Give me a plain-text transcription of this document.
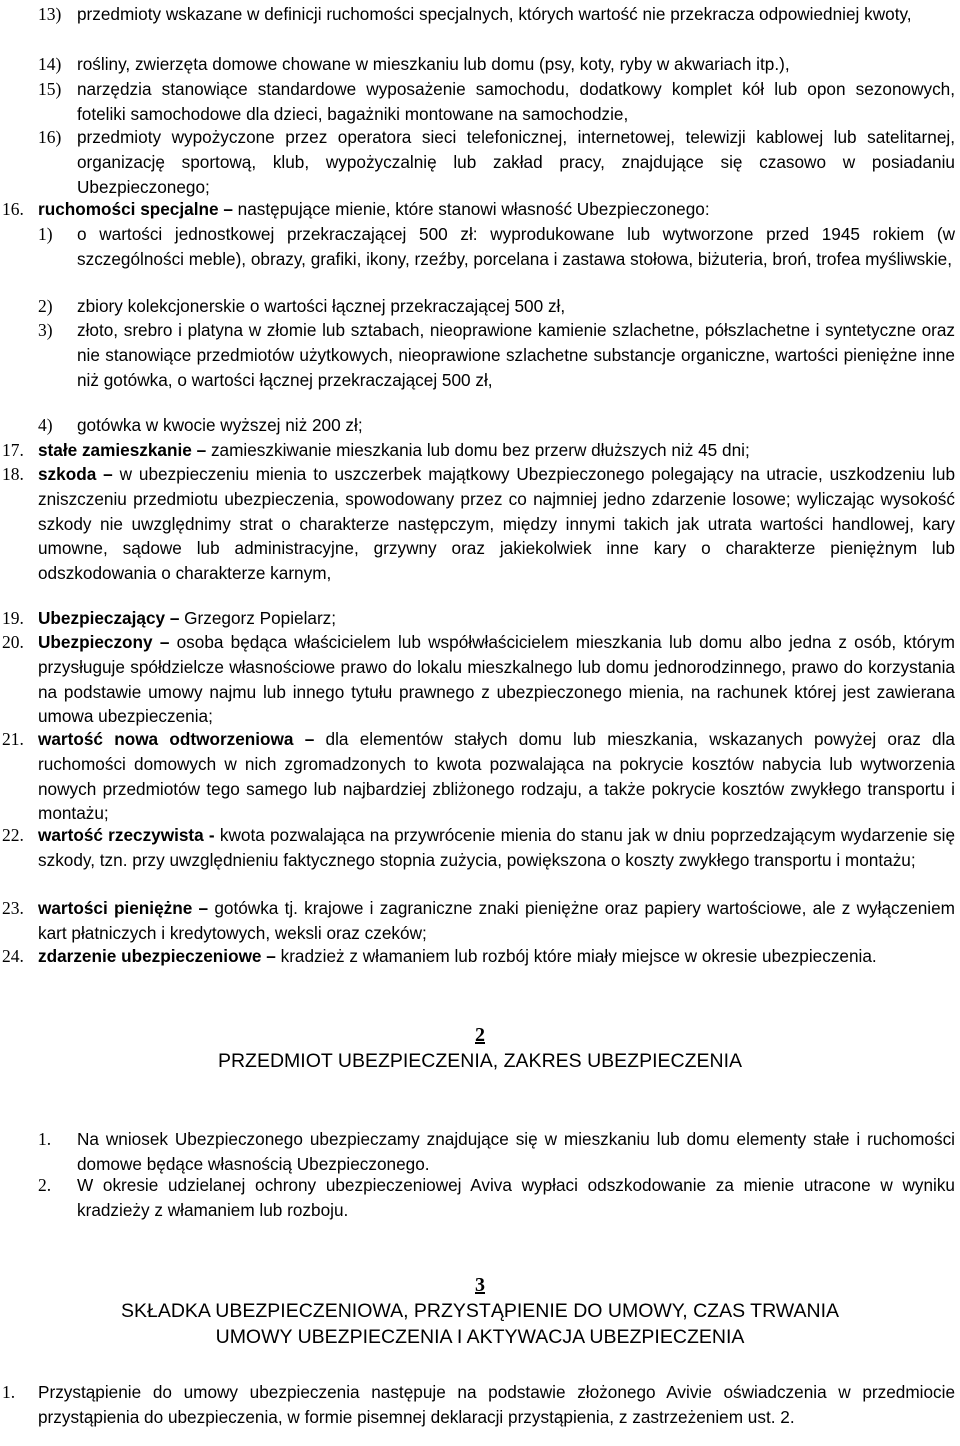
13) przedmioty wskazane w definicji ruchomości specjalnych, których wartość nie przekracza odpowiedniej kwoty,
14) rośliny, zwierzęta domowe chowane w mieszkaniu lub domu (psy, koty, ryby w akwariach itp.),
15) narzędzia stanowiące standardowe wyposażenie samochodu, dodatkowy komplet kół lub opon sezonowych, foteliki samochodowe dla dzieci, bagażniki montowane na samochodzie,
16) przedmioty wypożyczone przez operatora sieci telefonicznej, internetowej, telewizji kablowej lub satelitarnej, organizację sportową, klub, wypożyczalnię lub zakład pracy, znajdujące się czasowo w posiadaniu Ubezpieczonego;
16. ruchomości specjalne – następujące mienie, które stanowi własność Ubezpieczonego:
1) o wartości jednostkowej przekraczającej 500 zł: wyprodukowane lub wytworzone przed 1945 rokiem (w szczególności meble), obrazy, grafiki, ikony, rzeźby, porcelana i zastawa stołowa, biżuteria, broń, trofea myśliwskie,
2) zbiory kolekcjonerskie o wartości łącznej przekraczającej 500 zł,
3) złoto, srebro i platyna w złomie lub sztabach, nieoprawione kamienie szlachetne, półszlachetne i syntetyczne oraz nie stanowiące przedmiotów użytkowych, nieoprawione szlachetne substancje organiczne, wartości pieniężne inne niż gotówka, o wartości łącznej przekraczającej 500 zł,
4) gotówka w kwocie wyższej niż 200 zł;
17. stałe zamieszkanie – zamieszkiwanie mieszkania lub domu bez przerw dłuższych niż 45 dni;
18. szkoda – w ubezpieczeniu mienia to uszczerbek majątkowy Ubezpieczonego polegający na utracie, uszkodzeniu lub zniszczeniu przedmiotu ubezpieczenia, spowodowany przez co najmniej jedno zdarzenie losowe; wyliczając wysokość szkody nie uwzględnimy strat o charakterze następczym, między innymi takich jak utrata wartości handlowej, kary umowne, sądowe lub administracyjne, grzywny oraz jakiekolwiek inne kary o charakterze pieniężnym lub odszkodowania o charakterze karnym,
19. Ubezpieczający – Grzegorz Popielarz;
20. Ubezpieczony – osoba będąca właścicielem lub współwłaścicielem mieszkania lub domu albo jedna z osób, którym przysługuje spółdzielcze własnościowe prawo do lokalu mieszkalnego lub domu jednorodzinnego, prawo do korzystania na podstawie umowy najmu lub innego tytułu prawnego z ubezpieczonego mienia, na rachunek której jest zawierana umowa ubezpieczenia;
21. wartość nowa odtworzeniowa – dla elementów stałych domu lub mieszkania, wskazanych powyżej oraz dla ruchomości domowych w nich zgromadzonych to kwota pozwalająca na pokrycie kosztów nabycia lub wytworzenia nowych przedmiotów tego samego lub najbardziej zbliżonego rodzaju, a także pokrycie kosztów zwykłego transportu i montażu;
22. wartość rzeczywista - kwota pozwalająca na przywrócenie mienia do stanu jak w dniu poprzedzającym wydarzenie się szkody, tzn. przy uwzględnieniu faktycznego stopnia zużycia, powiększona o koszty zwykłego transportu i montażu;
23. wartości pieniężne – gotówka tj. krajowe i zagraniczne znaki pieniężne oraz papiery wartościowe, ale z wyłączeniem kart płatniczych i kredytowych, weksli oraz czeków;
24. zdarzenie ubezpieczeniowe – kradzież z włamaniem lub rozbój które miały miejsce w okresie ubezpieczenia.
2
PRZEDMIOT UBEZPIECZENIA, ZAKRES UBEZPIECZENIA
1. Na wniosek Ubezpieczonego ubezpieczamy znajdujące się w mieszkaniu lub domu elementy stałe i ruchomości domowe będące własnością Ubezpieczonego.
2. W okresie udzielanej ochrony ubezpieczeniowej Aviva wypłaci odszkodowanie za mienie utracone w wyniku kradzieży z włamaniem lub rozboju.
3
SKŁADKA UBEZPIECZENIOWA, PRZYSTĄPIENIE DO UMOWY, CZAS TRWANIA
UMOWY UBEZPIECZENIA I AKTYWACJA UBEZPIECZENIA
1. Przystąpienie do umowy ubezpieczenia następuje na podstawie złożonego Avivie oświadczenia w przedmiocie przystąpienia do ubezpieczenia, w formie pisemnej deklaracji przystąpienia, z zastrzeżeniem ust. 2.
